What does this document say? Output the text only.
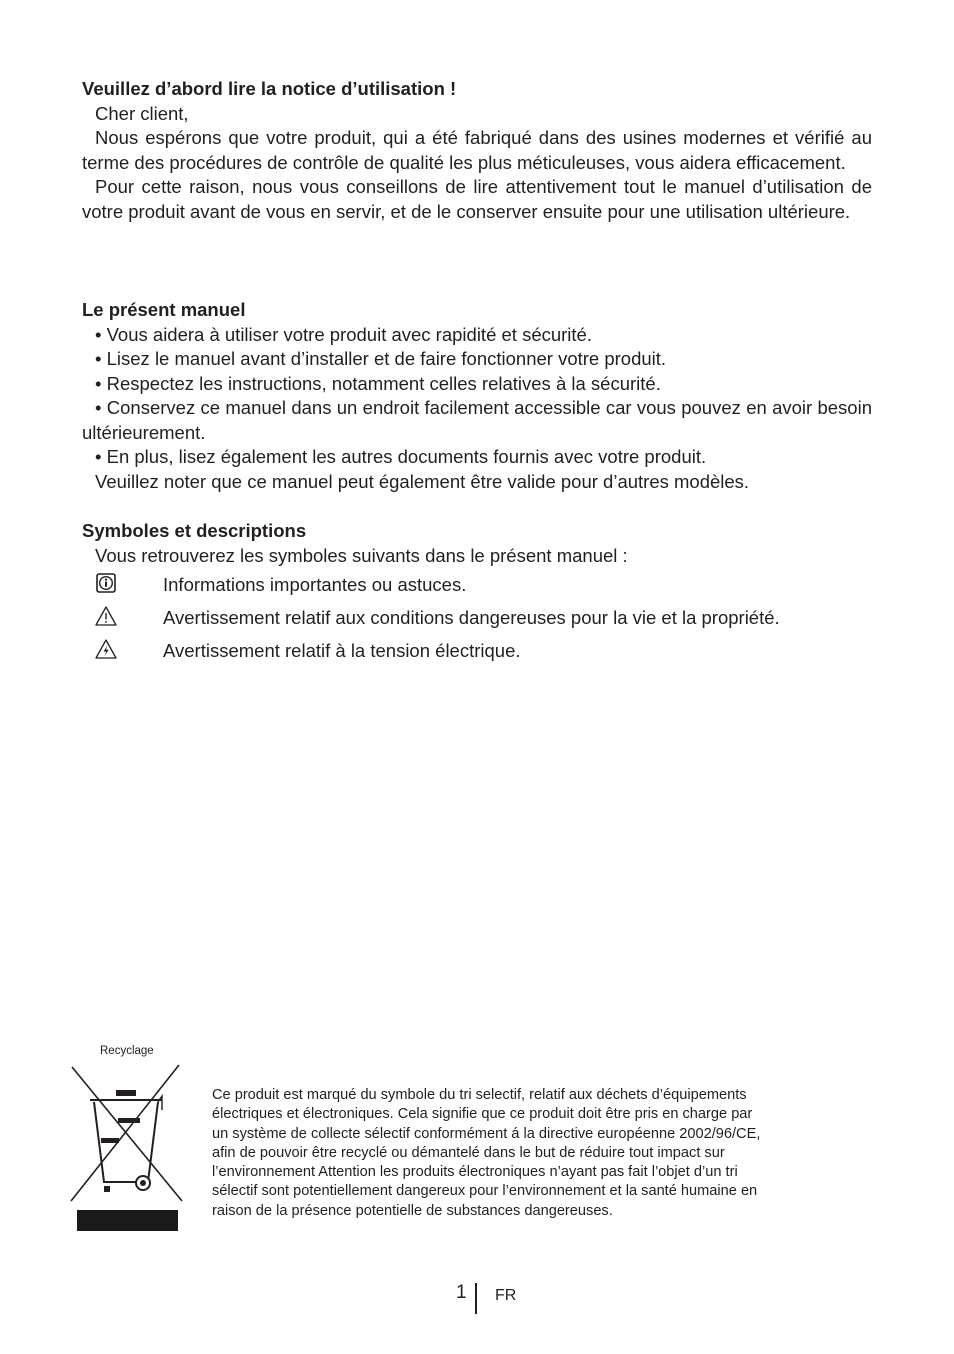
Veuillez d’abord lire la notice d’utilisation !

Cher client,

Nous espérons que votre produit, qui a été fabriqué dans des usines modernes et vérifié au terme des procédures de contrôle de qualité les plus méticuleuses, vous aidera efficacement.

Pour cette raison, nous vous conseillons de lire attentivement tout le manuel d’utilisation de votre produit avant de vous en servir, et de le conserver ensuite pour une utilisation ultérieure.

Le présent manuel

• Vous aidera à utiliser votre produit avec rapidité et sécurité.

• Lisez le manuel avant d’installer et de faire fonctionner votre produit.

• Respectez les instructions, notamment celles relatives à la sécurité.

• Conservez ce manuel dans un endroit facilement accessible car vous pouvez en avoir besoin ultérieurement.

• En plus, lisez également les autres documents fournis avec votre produit.

Veuillez noter que ce manuel peut également être valide pour d’autres modèles.

Symboles et descriptions

Vous retrouverez les symboles suivants dans le présent manuel :

Informations importantes ou astuces.
Avertissement relatif aux conditions dangereuses pour la vie et la propriété.
Avertissement relatif à la tension électrique.
Recyclage
Ce produit est marqué du symbole du tri selectif, relatif aux déchets d’équipements
électriques et électroniques. Cela signifie que ce produit doit être pris en charge par
un système de collecte sélectif conformément á la directive européenne 2002/96/CE,
afin de pouvoir être recyclé ou démantelé dans le but de réduire tout impact sur
l’environnement Attention les produits électroniques n’ayant pas fait l’objet d’un tri
sélectif sont potentiellement dangereux pour l’environnement et la santé humaine en
raison de la présence potentielle de substances dangereuses.
1 FR
